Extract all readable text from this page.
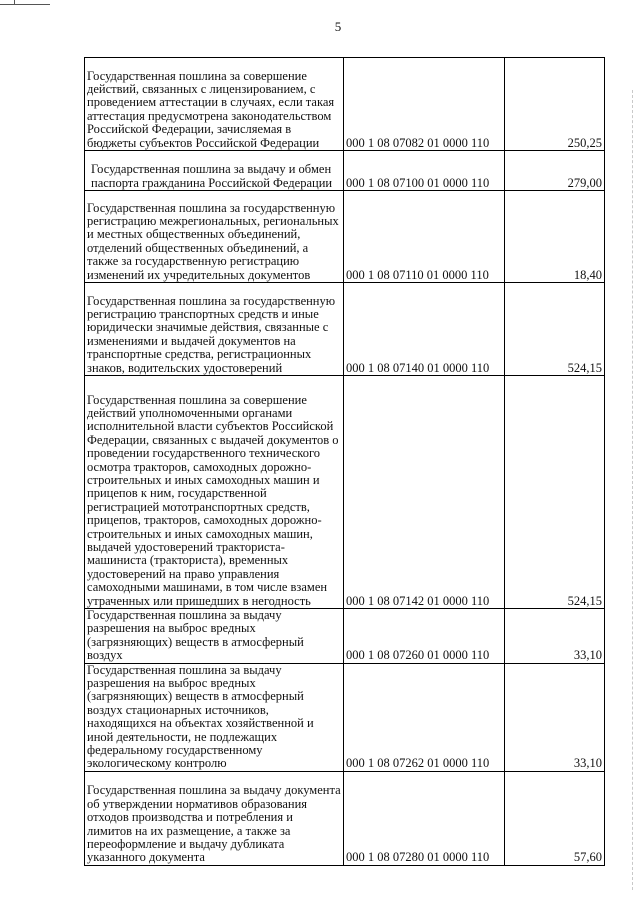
5
Государственная пошлина за совершение действий, связанных с лицензированием, с проведением аттестации в случаях, если такая аттестация предусмотрена законодательством Российской Федерации, зачисляемая в бюджеты субъектов Российской Федерации	000 1 08 07082 01 0000 110	250,25

Государственная пошлина за выдачу и обмен паспорта гражданина Российской Федерации	000 1 08 07100 01 0000 110	279,00

Государственная пошлина за государственную регистрацию межрегиональных, региональных и местных общественных объединений, отделений общественных объединений, а также за государственную регистрацию изменений их учредительных документов	000 1 08 07110 01 0000 110	18,40

Государственная пошлина за государственную регистрацию транспортных средств и иные юридически значимые действия, связанные с изменениями и выдачей документов на транспортные средства, регистрационных знаков, водительских удостоверений	000 1 08 07140 01 0000 110	524,15

Государственная пошлина за совершение действий уполномоченными органами исполнительной власти субъектов Российской Федерации, связанных с выдачей документов о проведении государственного технического осмотра тракторов, самоходных дорожно-строительных и иных самоходных машин и прицепов к ним, государственной регистрацией мототранспортных средств, прицепов, тракторов, самоходных дорожно-строительных и иных самоходных машин, выдачей удостоверений тракториста-машиниста (тракториста), временных удостоверений на право управления самоходными машинами, в том числе взамен утраченных или пришедших в негодность	000 1 08 07142 01 0000 110	524,15

Государственная пошлина за выдачу разрешения на выброс вредных (загрязняющих) веществ в атмосферный воздух	000 1 08 07260 01 0000 110	33,10

Государственная пошлина за выдачу разрешения на выброс вредных (загрязняющих) веществ в атмосферный воздух стационарных источников, находящихся на объектах хозяйственной и иной деятельности, не подлежащих федеральному государственному экологическому контролю	000 1 08 07262 01 0000 110	33,10

Государственная пошлина за выдачу документа об утверждении нормативов образования отходов производства и потребления и лимитов на их размещение, а также за переоформление и выдачу дубликата указанного документа	000 1 08 07280 01 0000 110	57,60
